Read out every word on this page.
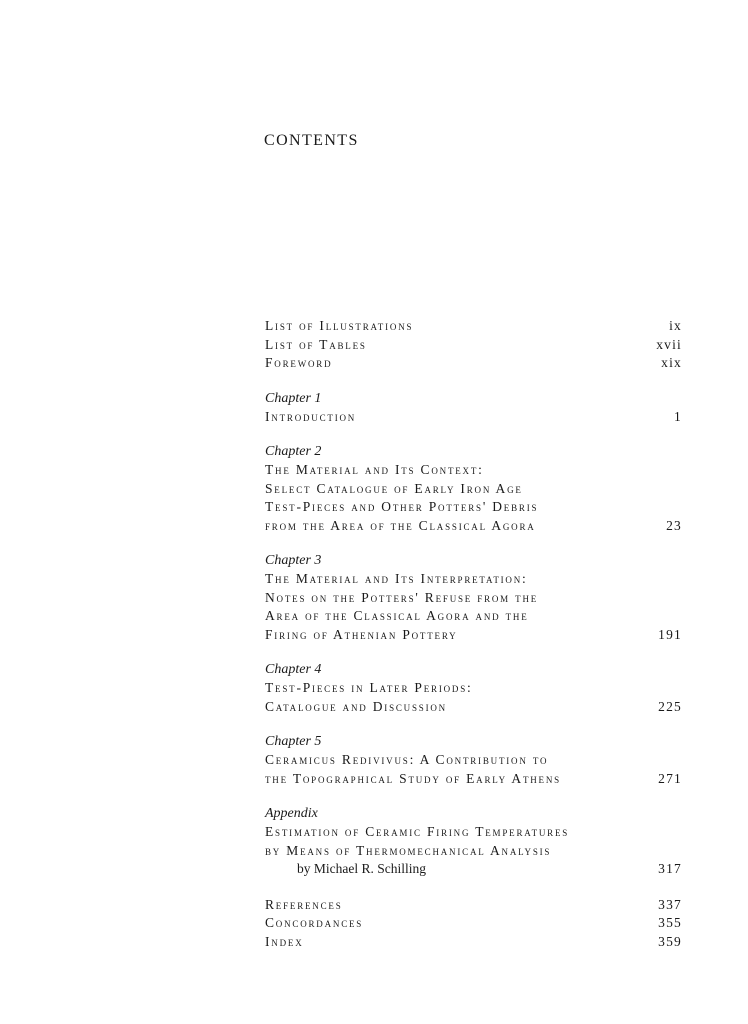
CONTENTS
List of Illustrations	ix
List of Tables	xvii
Foreword	xix
Chapter 1
Introduction	1
Chapter 2
The Material and Its Context:
Select Catalogue of Early Iron Age
Test-Pieces and Other Potters' Debris
from the Area of the Classical Agora	23
Chapter 3
The Material and Its Interpretation:
Notes on the Potters' Refuse from the
Area of the Classical Agora and the
Firing of Athenian Pottery	191
Chapter 4
Test-Pieces in Later Periods:
Catalogue and Discussion	225
Chapter 5
Ceramicus Redivivus: A Contribution to
the Topographical Study of Early Athens	271
Appendix
Estimation of Ceramic Firing Temperatures
by Means of Thermomechanical Analysis
by Michael R. Schilling	317
References	337
Concordances	355
Index	359
